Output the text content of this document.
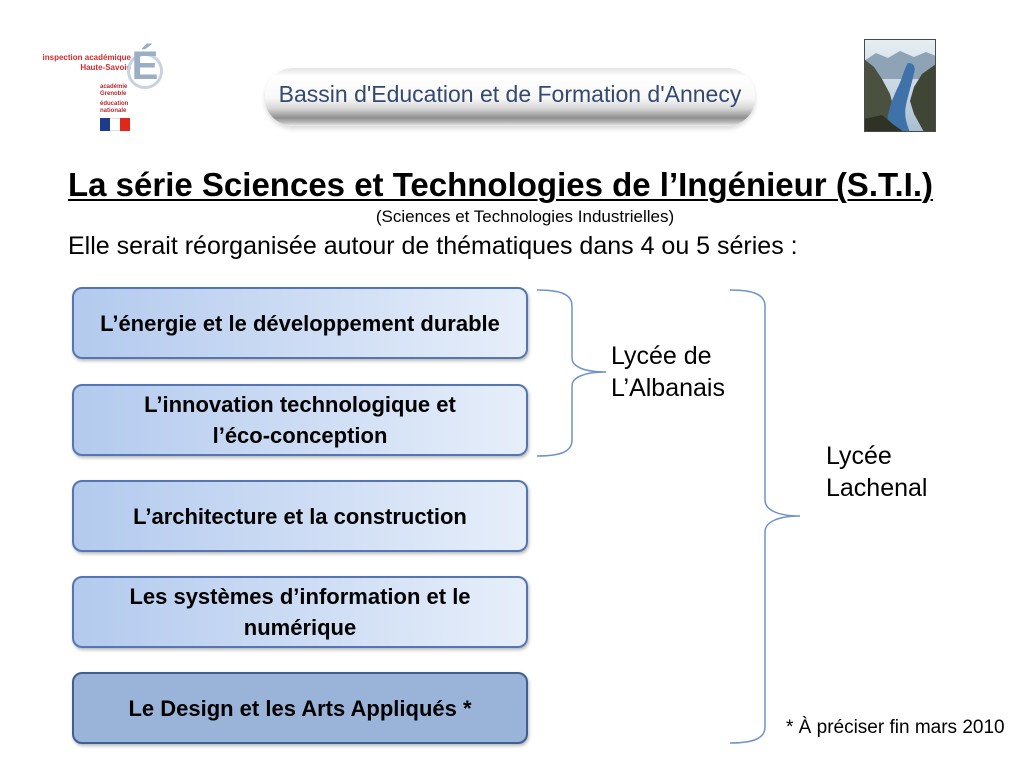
inspection académique
Haute-Savoie É
académie
Grenoble
éducation
nationale
Bassin d'Education et de Formation d'Annecy
La série Sciences et Technologies de l’Ingénieur (S.T.I.)
(Sciences et Technologies Industrielles)
Elle serait réorganisée autour de thématiques dans 4 ou 5 séries :
L’énergie et le développement durable
L’innovation technologique et
l’éco-conception
L’architecture et la construction
Les systèmes d’information et le
numérique
Le Design et les Arts Appliqués *
Lycée de
L’Albanais
Lycée
Lachenal
* À préciser fin mars 2010
